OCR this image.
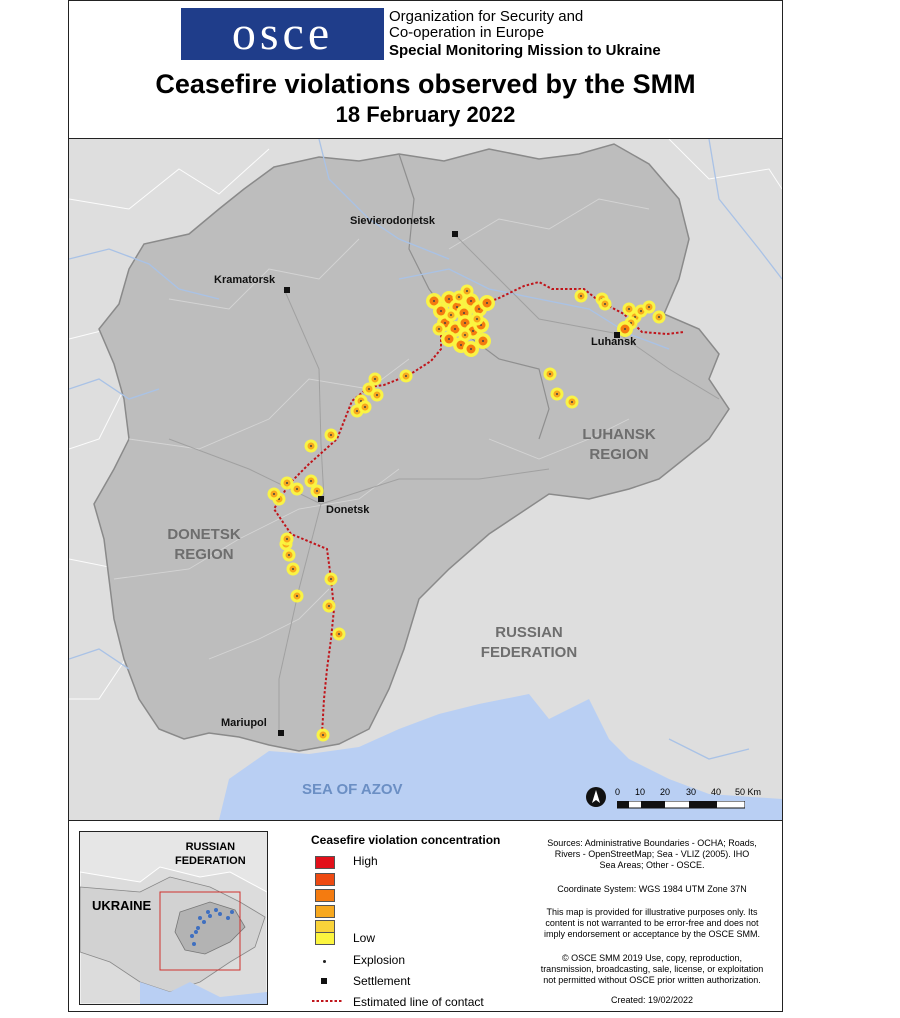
osce	Organization for Security and
Co-operation in Europe
Special Monitoring Mission to Ukraine
Ceasefire violations observed by the SMM
18 February 2022
Sievierodonetsk
Kramatorsk
Luhansk
Donetsk
Mariupol
LUHANSK
REGION
DONETSK
REGION
RUSSIAN
FEDERATION
SEA OF AZOV	0 10 20 30 40 50 Km
RUSSIAN
FEDERATION
UKRAINE
Ceasefire violation concentration
High
Low
Explosion
Settlement
Estimated line of contact
Sources: Administrative Boundaries - OCHA; Roads,
Rivers - OpenStreetMap; Sea - VLIZ (2005). IHO
Sea Areas; Other - OSCE.
Coordinate System: WGS 1984 UTM Zone 37N
This map is provided for illustrative purposes only. Its
content is not warranted to be error-free and does not
imply endorsement or acceptance by the OSCE SMM.
© OSCE SMM 2019 Use, copy, reproduction,
transmission, broadcasting, sale, license, or exploitation
not permitted without OSCE prior written authorization.
Created: 19/02/2022
